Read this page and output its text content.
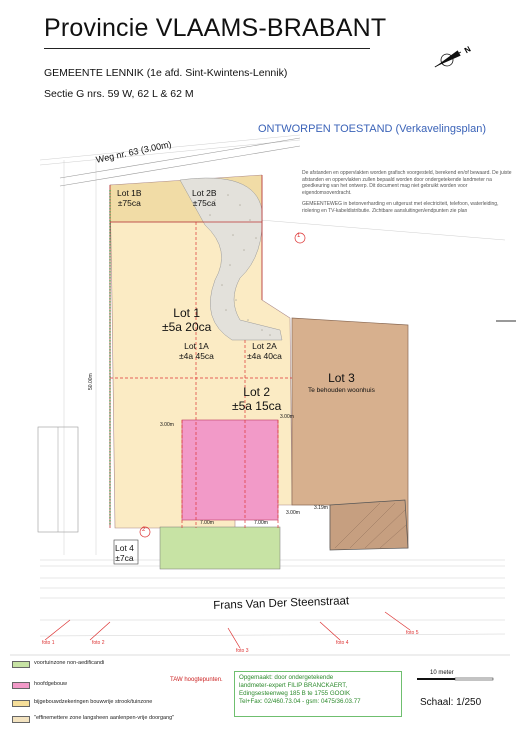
N
Provincie VLAAMS-BRABANT
GEMEENTE LENNIK (1e afd. Sint-Kwintens-Lennik)
Sectie G nrs. 59 W, 62 L & 62 M
ONTWORPEN TOESTAND (Verkavelingsplan)

De afstanden en oppervlakten worden grafisch voorgesteld, berekend en/of bewaard. De juiste afstanden en oppervlakten zullen bepaald worden door ondergetekende landmeter na goedkeuring van het ontwerp. Dit document mag niet gebruikt worden voor eigendomsoverdracht.

GEMEENTEWEG in betonverharding en uitgerust met electriciteit, telefoon, waterleiding, riolering en TV-kabeldistributie. Zichtbare aansluitingen/endpunten zie plan

Weg nr. 63 (3.00m)
Frans Van Der Steenstraat
Lot 1B
±75ca
Lot 2B
±75ca
Lot 1
±5a 20ca
Lot 1A
±4a 45ca
Lot 2A
±4a 40ca
Lot 2
±5a 15ca
Lot 3
Te behouden woonhuis
Lot 4
±7ca
3.00m
3.00m
7.00m	7.00m
3.00m
3.19m
50.00m
1
2
foto 1	foto 2
foto 3
foto 4
foto 5
voortuinzone non-aedificandi
hoofdgebouw
bijgebouwdzekeringen bouwvrije strook/tuinzone
"effinemettere zone langsheen aanlenpen-vrije doorgang"
TAW hoogtepunten.	Opgemaakt: door ondergetekende
landmeter-expert FILIP BRANCKAERT,
Edingsesteenweg 185 B te 1755 GOOIK
Tel+Fax: 02/460.73.04 - gsm: 0475/36.03.77
10 meter
Schaal: 1/250
